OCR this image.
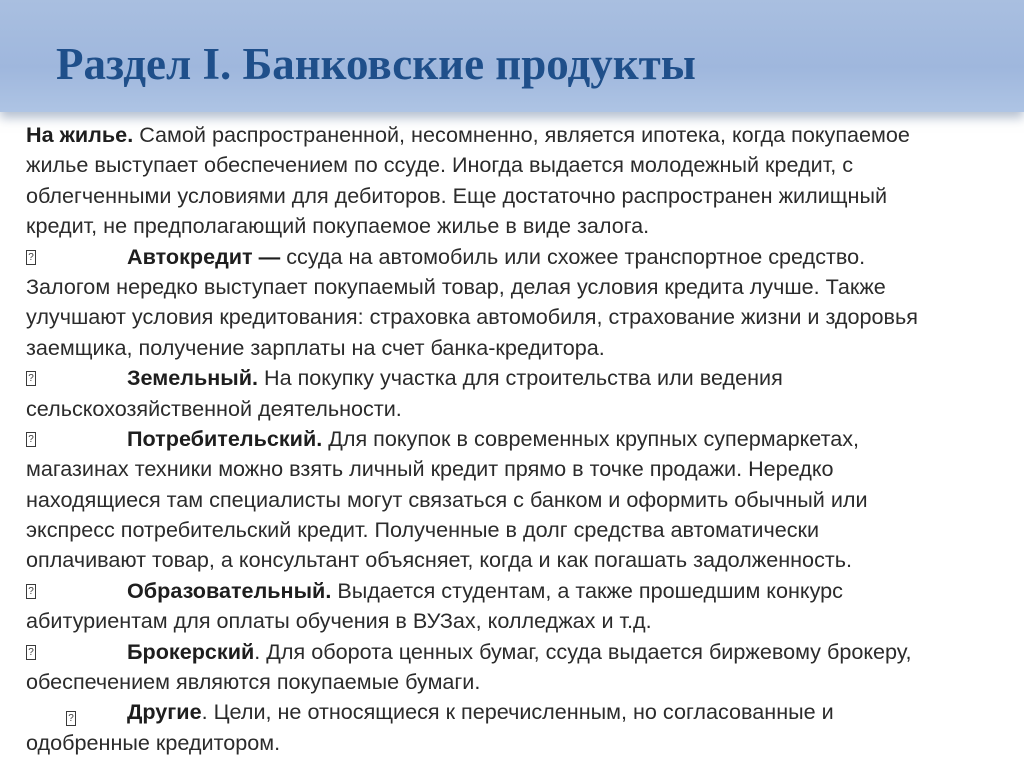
Раздел I. Банковские продукты
На жилье. Самой распространенной, несомненно, является ипотека, когда покупаемое
жилье выступает обеспечением по ссуде. Иногда выдается молодежный кредит, с
облегченными условиями для дебиторов. Еще достаточно распространен жилищный
кредит, не предполагающий покупаемое жилье в виде залога.
?	Автокредит — ссуда на автомобиль или схожее транспортное средство.
Залогом нередко выступает покупаемый товар, делая условия кредита лучше. Также
улучшают условия кредитования: страховка автомобиля, страхование жизни и здоровья
заемщика, получение зарплаты на счет банка-кредитора.
?	Земельный. На покупку участка для строительства или ведения
сельскохозяйственной деятельности.
?	Потребительский. Для покупок в современных крупных супермаркетах,
магазинах техники можно взять личный кредит прямо в точке продажи. Нередко
находящиеся там специалисты могут связаться с банком и оформить обычный или
экспресс потребительский кредит. Полученные в долг средства автоматически
оплачивают товар, а консультант объясняет, когда и как погашать задолженность.
?	Образовательный. Выдается студентам, а также прошедшим конкурс
абитуриентам для оплаты обучения в ВУЗах, колледжах и т.д.
?	Брокерский. Для оборота ценных бумаг, ссуда выдается биржевому брокеру,
обеспечением являются покупаемые бумаги.
? Другие. Цели, не относящиеся к перечисленным, но согласованные и
одобренные кредитором.
